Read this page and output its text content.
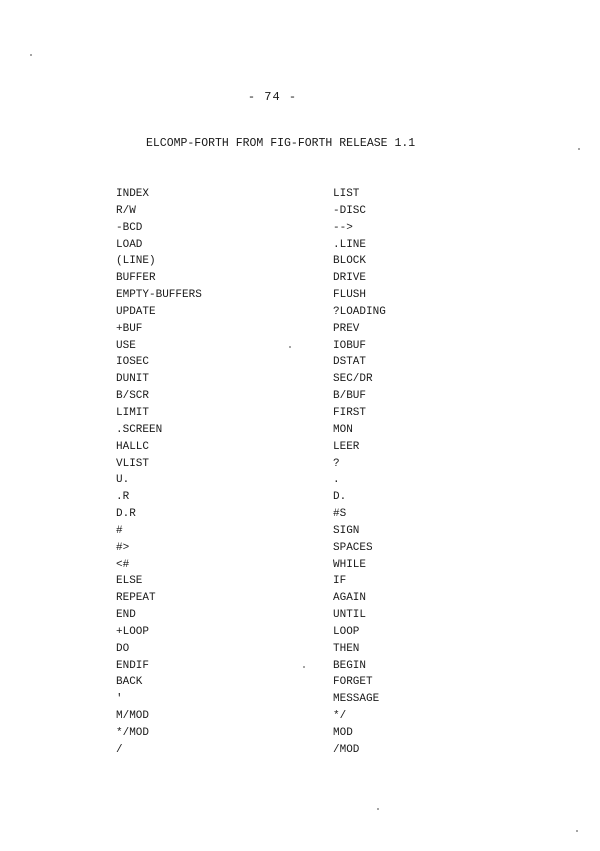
- 74 -
ELCOMP-FORTH FROM FIG-FORTH RELEASE 1.1
INDEX
R/W
-BCD
LOAD
(LINE)
BUFFER
EMPTY-BUFFERS
UPDATE
+BUF
USE
IOSEC
DUNIT
B/SCR
LIMIT
.SCREEN
HALLC
VLIST
U.
.R
D.R
#
#>
<#
ELSE
REPEAT
END
+LOOP
DO
ENDIF
BACK
'
M/MOD
*/MOD
/
LIST
-DISC
-->
.LINE
BLOCK
DRIVE
FLUSH
?LOADING
PREV
IOBUF
DSTAT
SEC/DR
B/BUF
FIRST
MON
LEER
?
.
D.
#S
SIGN
SPACES
WHILE
IF
AGAIN
UNTIL
LOOP
THEN
BEGIN
FORGET
MESSAGE
*/
MOD
/MOD
